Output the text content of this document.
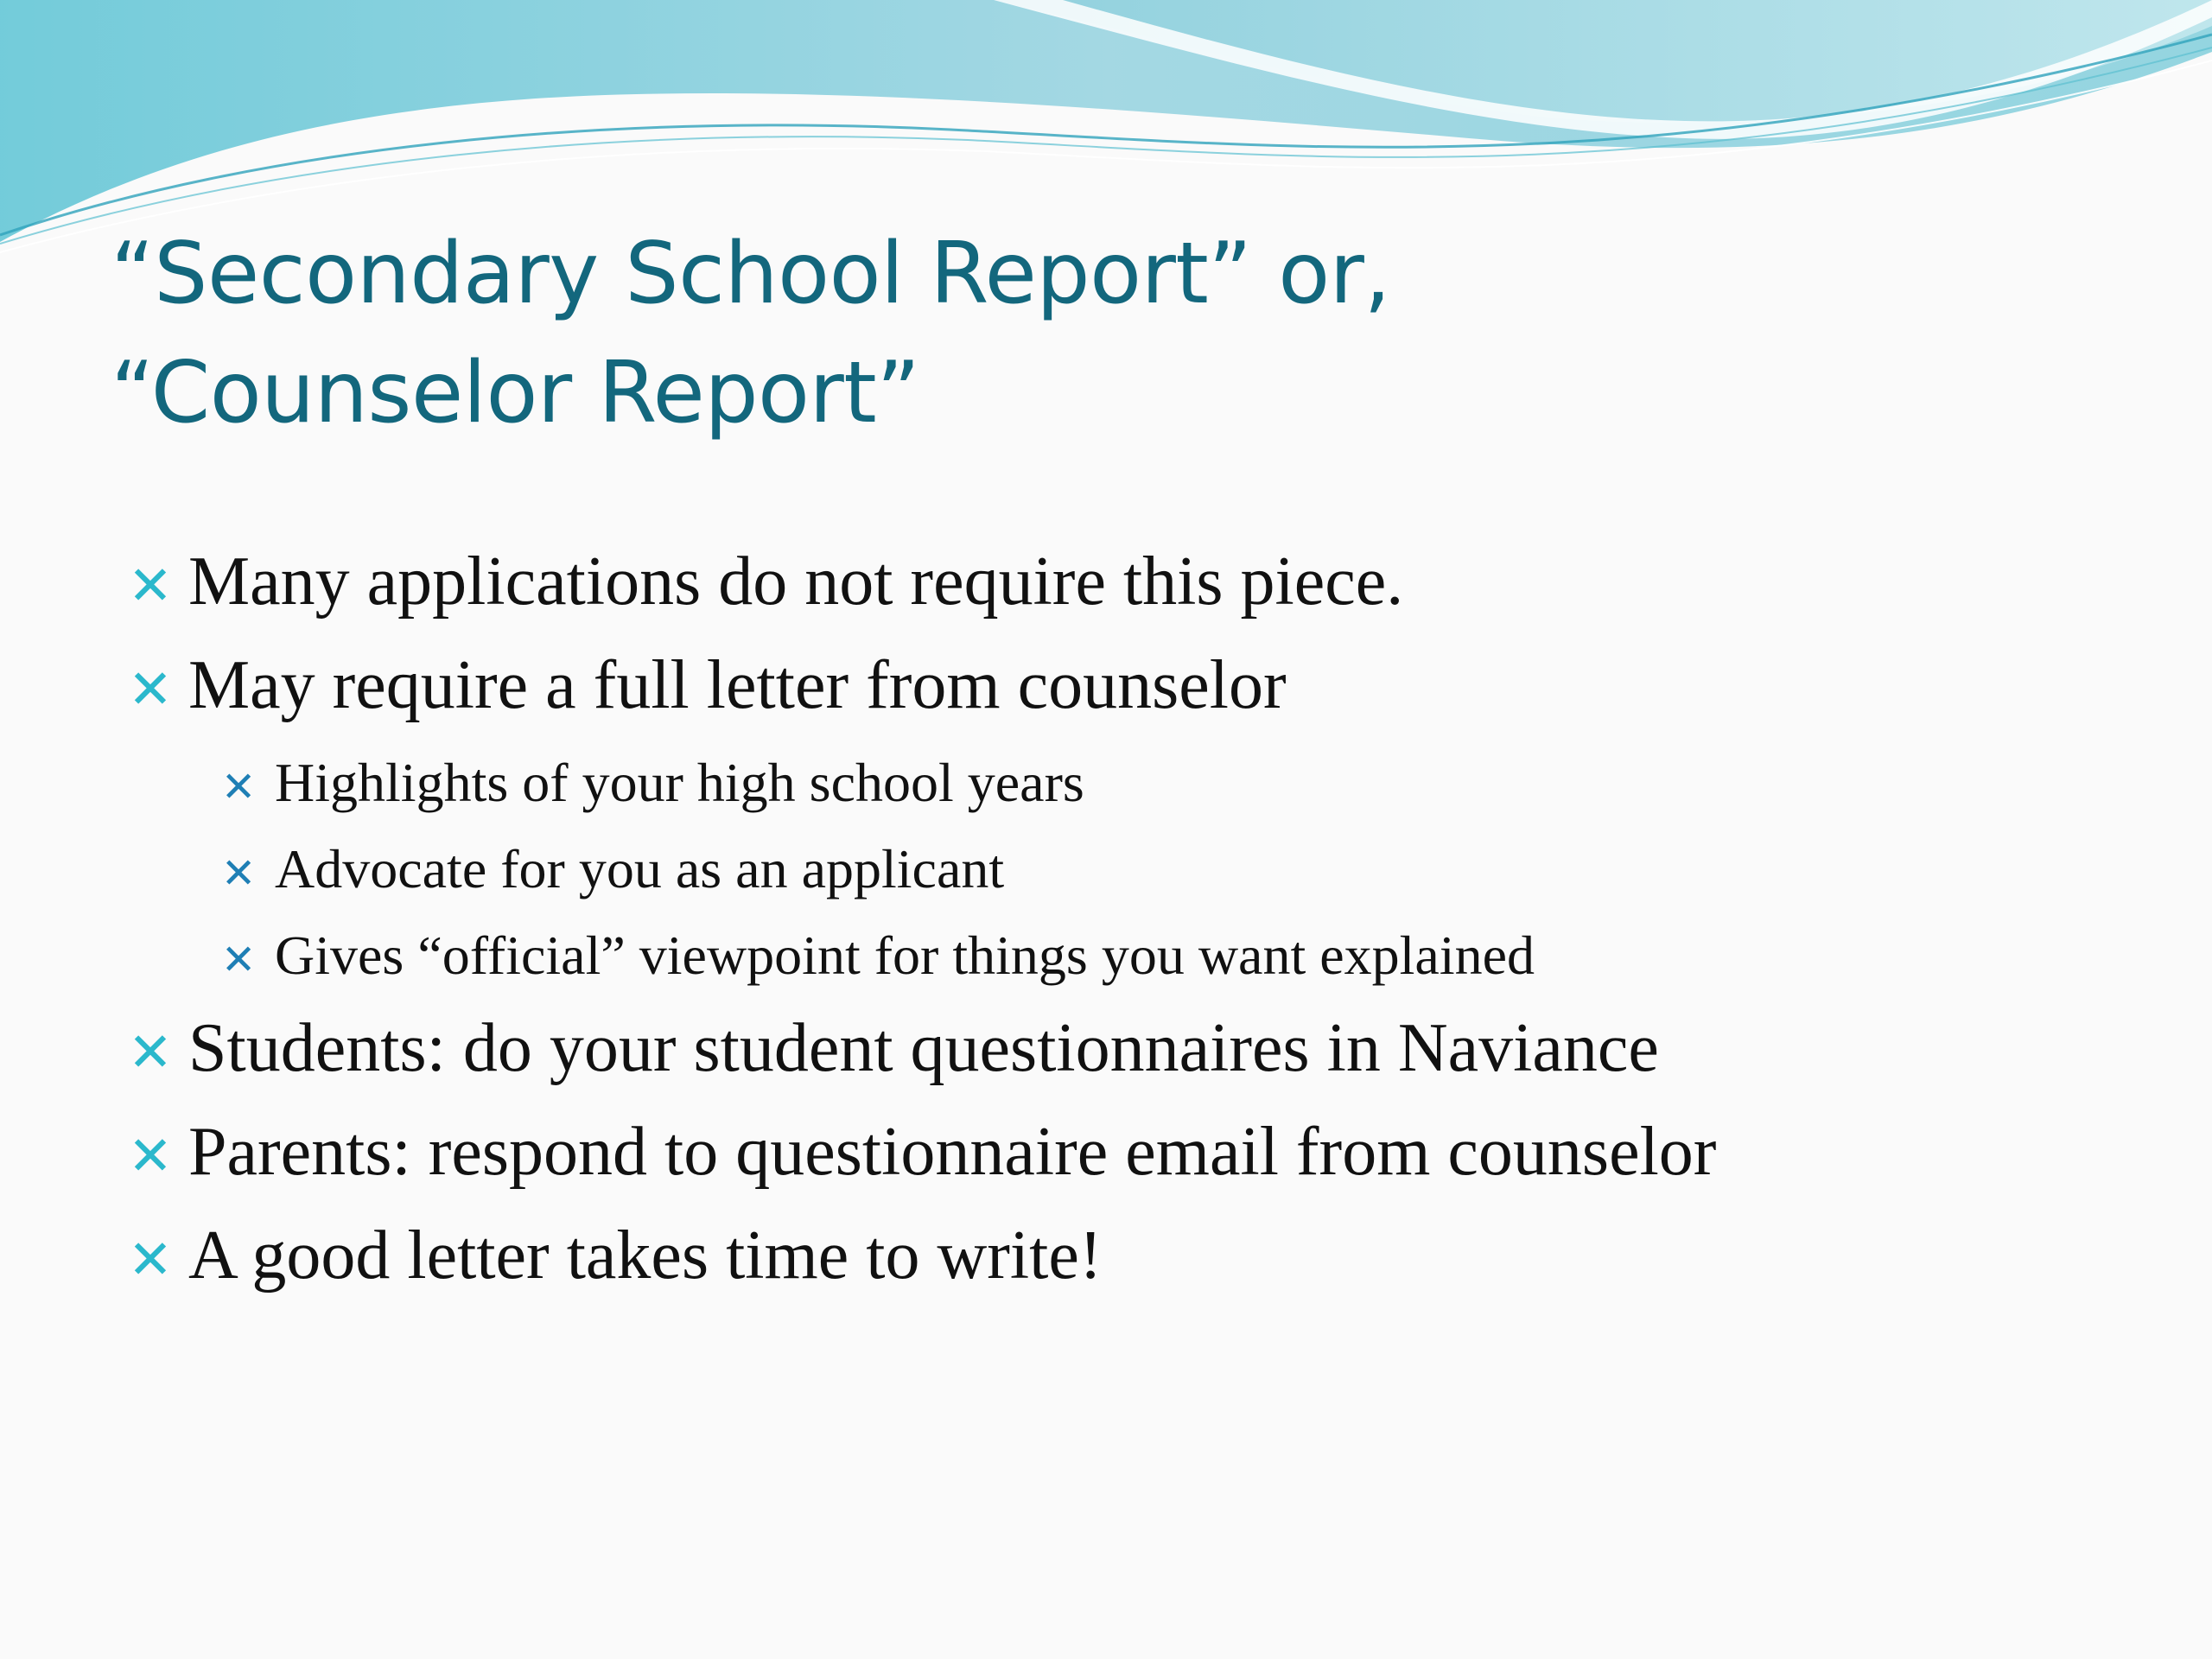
“Secondary School Report” or,
“Counselor Report”
✕ Many applications do not require this piece.
✕ May require a full letter from counselor
✕ Highlights of your high school years
✕ Advocate for you as an applicant
✕ Gives “official” viewpoint for things you want explained
✕ Students: do your student questionnaires in Naviance
✕ Parents: respond to questionnaire email from counselor
✕ A good letter takes time to write!
